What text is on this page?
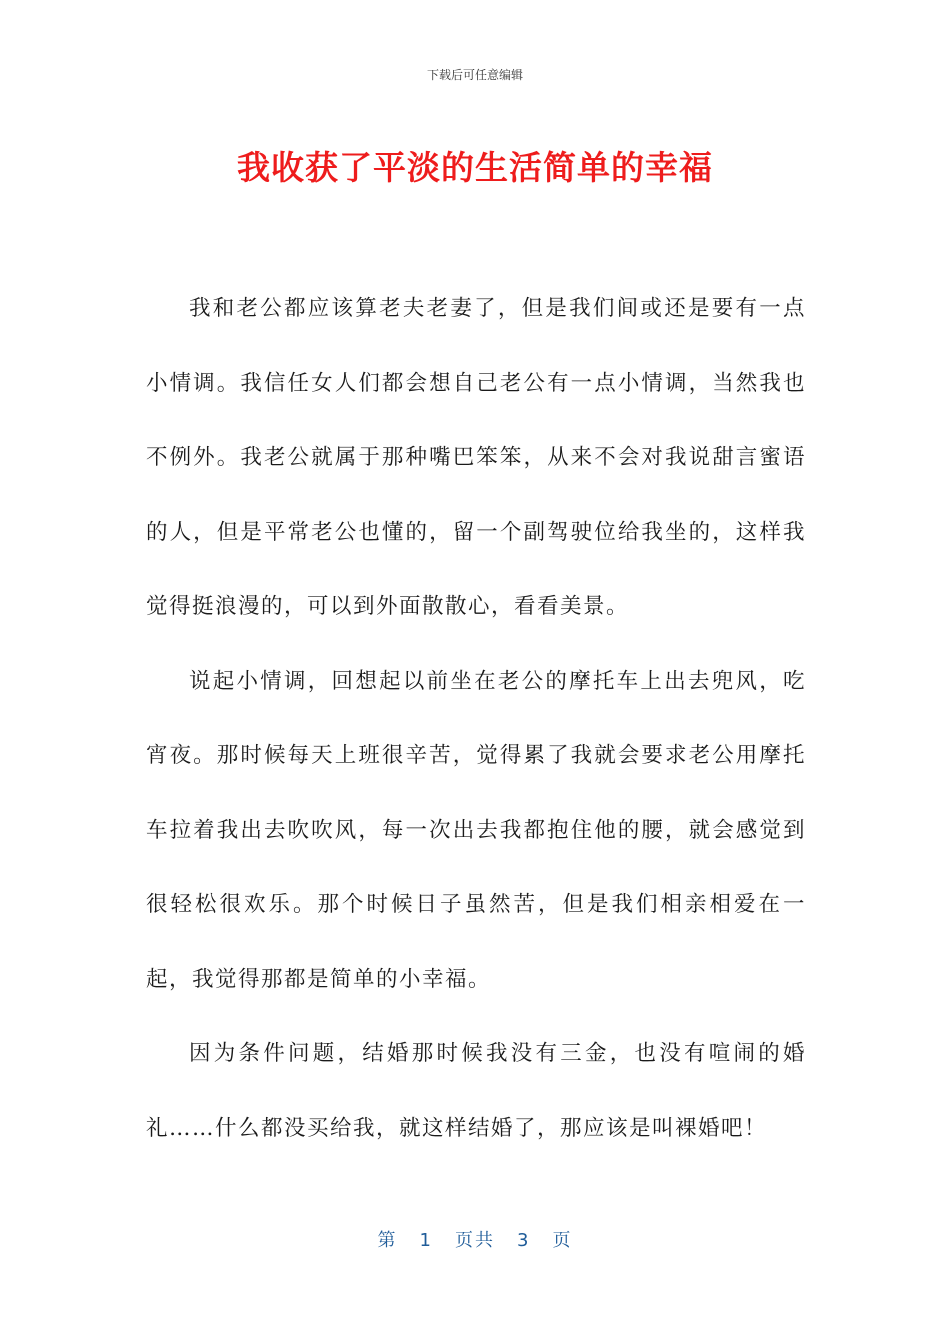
下载后可任意编辑
我收获了平淡的生活简单的幸福

我和老公都应该算老夫老妻了，但是我们间或还是要有一点小情调。我信任女人们都会想自己老公有一点小情调，当然我也不例外。我老公就属于那种嘴巴笨笨，从来不会对我说甜言蜜语的人，但是平常老公也懂的，留一个副驾驶位给我坐的，这样我觉得挺浪漫的，可以到外面散散心，看看美景。

说起小情调，回想起以前坐在老公的摩托车上出去兜风，吃宵夜。那时候每天上班很辛苦，觉得累了我就会要求老公用摩托车拉着我出去吹吹风，每一次出去我都抱住他的腰，就会感觉到很轻松很欢乐。那个时候日子虽然苦，但是我们相亲相爱在一起，我觉得那都是简单的小幸福。

因为条件问题，结婚那时候我没有三金，也没有喧闹的婚礼……什么都没买给我，就这样结婚了，那应该是叫裸婚吧！

第 1 页共 3 页
